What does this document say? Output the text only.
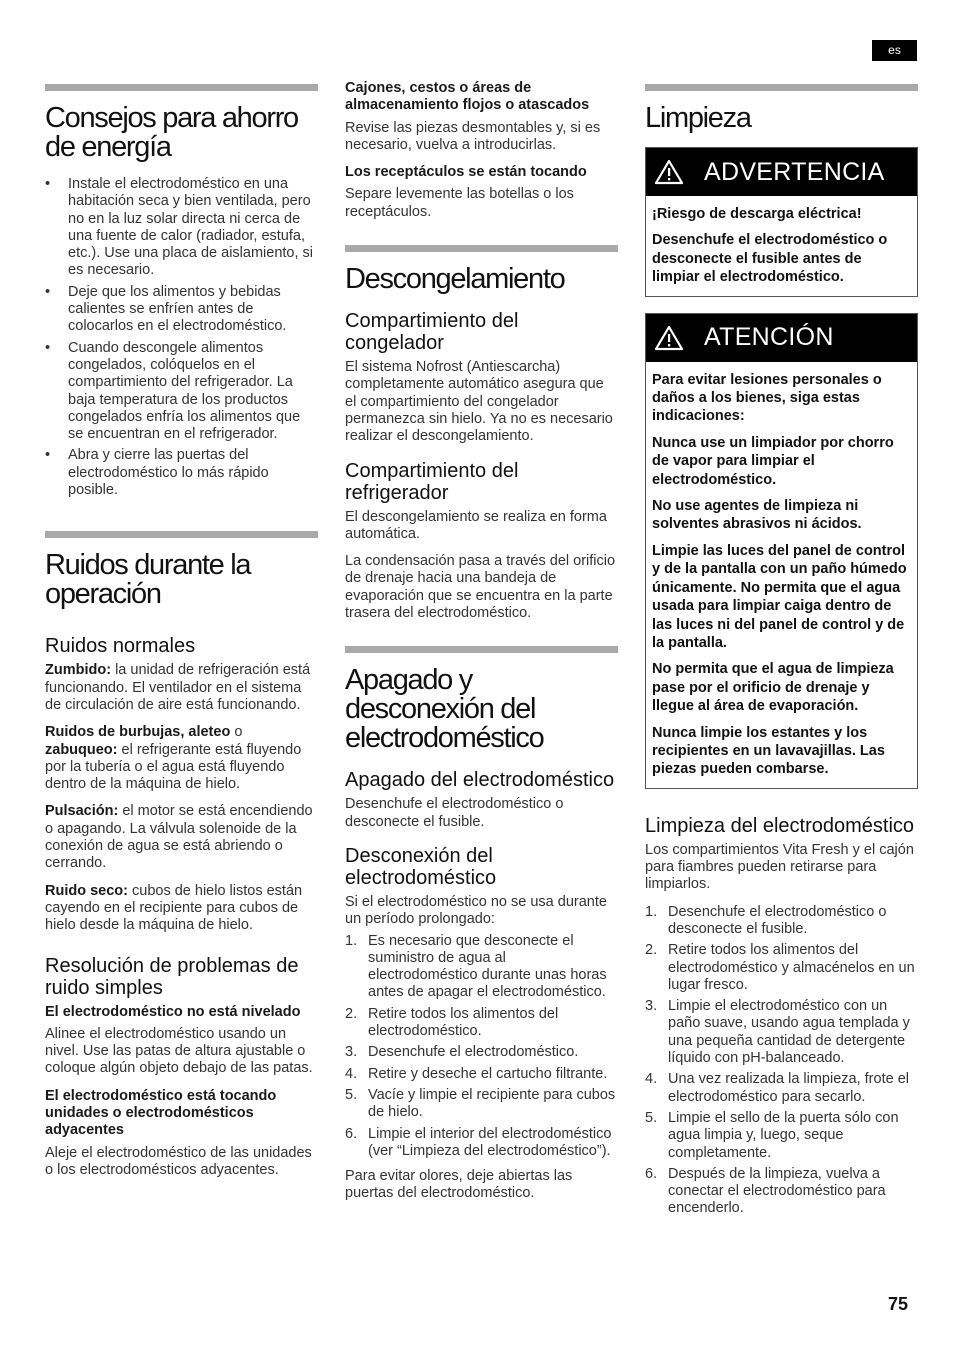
es
Consejos para ahorro de energía
• Instale el electrodoméstico en una habitación seca y bien ventilada, pero no en la luz solar directa ni cerca de una fuente de calor (radiador, estufa, etc.). Use una placa de aislamiento, si es necesario.
• Deje que los alimentos y bebidas calientes se enfríen antes de colocarlos en el electrodoméstico.
• Cuando descongele alimentos congelados, colóquelos en el compartimiento del refrigerador. La baja temperatura de los productos congelados enfría los alimentos que se encuentran en el refrigerador.
• Abra y cierre las puertas del electrodoméstico lo más rápido posible.
Ruidos durante la operación
Ruidos normales

Zumbido: la unidad de refrigeración está funcionando. El ventilador en el sistema de circulación de aire está funcionando.

Ruidos de burbujas, aleteo o zabuqueo: el refrigerante está fluyendo por la tubería o el agua está fluyendo dentro de la máquina de hielo.

Pulsación: el motor se está encendiendo o apagando. La válvula solenoide de la conexión de agua se está abriendo o cerrando.

Ruido seco: cubos de hielo listos están cayendo en el recipiente para cubos de hielo desde la máquina de hielo.

Resolución de problemas de ruido simples

El electrodoméstico no está nivelado

Alinee el electrodoméstico usando un nivel. Use las patas de altura ajustable o coloque algún objeto debajo de las patas.

El electrodoméstico está tocando unidades o electrodomésticos adyacentes

Aleje el electrodoméstico de las unidades o los electrodomésticos adyacentes.

Cajones, cestos o áreas de almacenamiento flojos o atascados

Revise las piezas desmontables y, si es necesario, vuelva a introducirlas.

Los receptáculos se están tocando

Separe levemente las botellas o los receptáculos.

Descongelamiento
Compartimiento del congelador

El sistema Nofrost (Antiescarcha) completamente automático asegura que el compartimiento del congelador permanezca sin hielo. Ya no es necesario realizar el descongelamiento.

Compartimiento del refrigerador

El descongelamiento se realiza en forma automática.

La condensación pasa a través del orificio de drenaje hacia una bandeja de evaporación que se encuentra en la parte trasera del electrodoméstico.

Apagado y desconexión del electrodoméstico
Apagado del electrodoméstico

Desenchufe el electrodoméstico o desconecte el fusible.

Desconexión del electrodoméstico

Si el electrodoméstico no se usa durante un período prolongado:

1. Es necesario que desconecte el suministro de agua al electrodoméstico durante unas horas antes de apagar el electrodoméstico.
2. Retire todos los alimentos del electrodoméstico.
3. Desenchufe el electrodoméstico.
4. Retire y deseche el cartucho filtrante.
5. Vacíe y limpie el recipiente para cubos de hielo.
6. Limpie el interior del electrodoméstico (ver “Limpieza del electrodoméstico”).

Para evitar olores, deje abiertas las puertas del electrodoméstico.

Limpieza
ADVERTENCIA

¡Riesgo de descarga eléctrica!

Desenchufe el electrodoméstico o desconecte el fusible antes de limpiar el electrodoméstico.

ATENCIÓN

Para evitar lesiones personales o daños a los bienes, siga estas indicaciones:

Nunca use un limpiador por chorro de vapor para limpiar el electrodoméstico.

No use agentes de limpieza ni solventes abrasivos ni ácidos.

Limpie las luces del panel de control y de la pantalla con un paño húmedo únicamente. No permita que el agua usada para limpiar caiga dentro de las luces ni del panel de control y de la pantalla.

No permita que el agua de limpieza pase por el orificio de drenaje y llegue al área de evaporación.

Nunca limpie los estantes y los recipientes en un lavavajillas. Las piezas pueden combarse.

Limpieza del electrodoméstico

Los compartimientos Vita Fresh y el cajón para fiambres pueden retirarse para limpiarlos.

1. Desenchufe el electrodoméstico o desconecte el fusible.
2. Retire todos los alimentos del electrodoméstico y almacénelos en un lugar fresco.
3. Limpie el electrodoméstico con un paño suave, usando agua templada y una pequeña cantidad de detergente líquido con pH-balanceado.
4. Una vez realizada la limpieza, frote el electrodoméstico para secarlo.
5. Limpie el sello de la puerta sólo con agua limpia y, luego, seque completamente.
6. Después de la limpieza, vuelva a conectar el electrodoméstico para encenderlo.
75
